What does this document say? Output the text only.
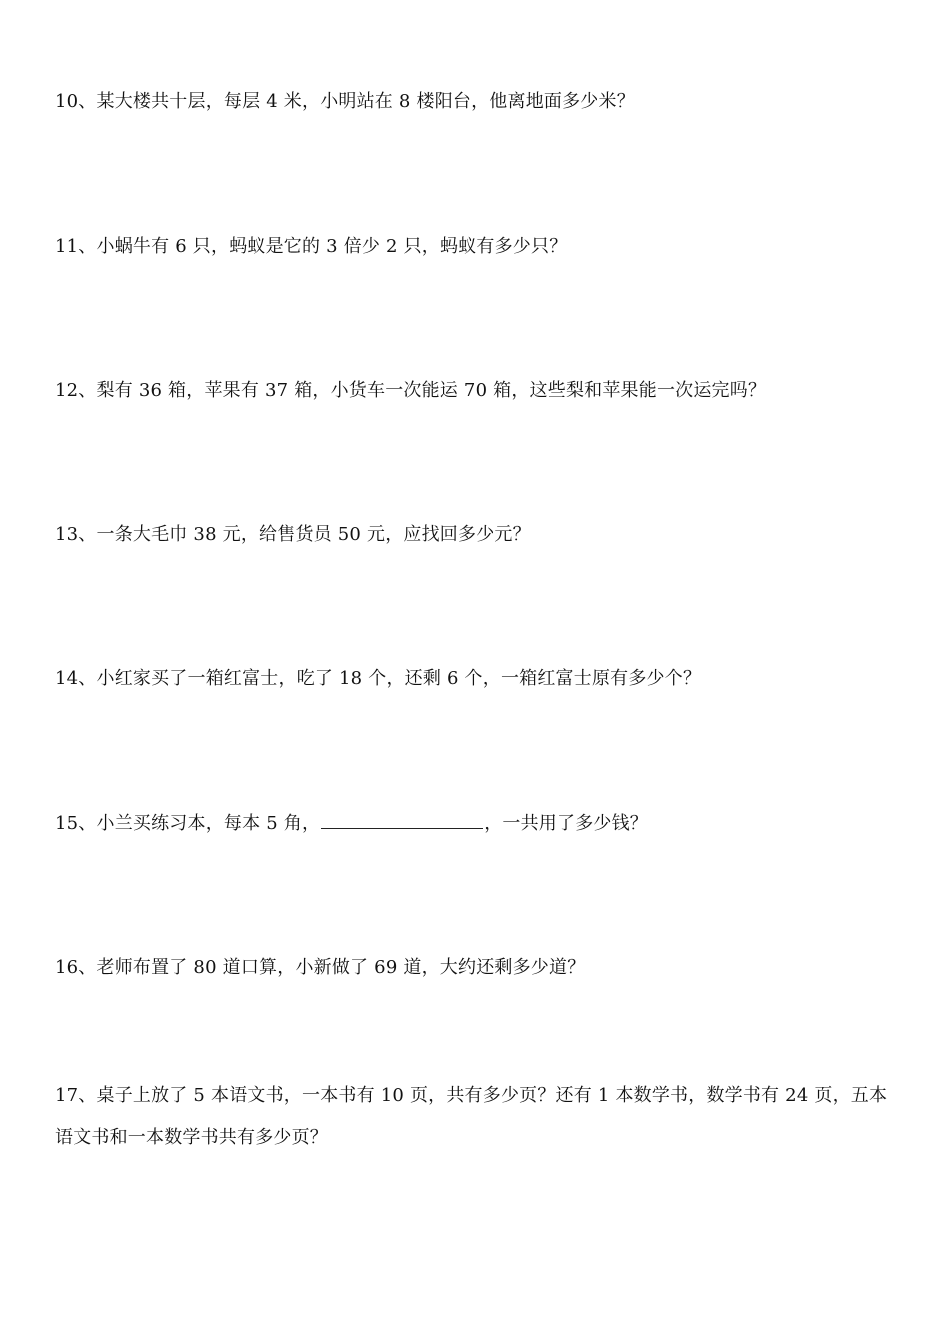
10、某大楼共十层，每层 4 米，小明站在 8 楼阳台，他离地面多少米？

11、小蜗牛有 6 只，蚂蚁是它的 3 倍少 2 只，蚂蚁有多少只？

12、梨有 36 箱，苹果有 37 箱，小货车一次能运 70 箱，这些梨和苹果能一次运完吗？

13、一条大毛巾 38 元，给售货员 50 元，应找回多少元？

14、小红家买了一箱红富士，吃了 18 个，还剩 6 个，一箱红富士原有多少个？

15、小兰买练习本，每本 5 角，	，一共用了多少钱？

16、老师布置了 80 道口算，小新做了 69 道，大约还剩多少道？

17、桌子上放了 5 本语文书，一本书有 10 页，共有多少页？还有 1 本数学书，数学书有 24 页，五本语文书和一本数学书共有多少页？
